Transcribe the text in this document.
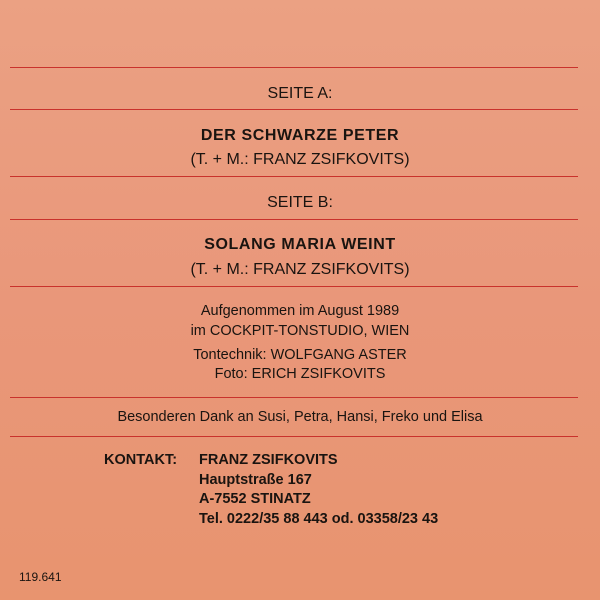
SEITE A:
DER SCHWARZE PETER
(T. + M.: FRANZ ZSIFKOVITS)
SEITE B:
SOLANG MARIA WEINT
(T. + M.: FRANZ ZSIFKOVITS)
Aufgenommen im August 1989
im COCKPIT-TONSTUDIO, WIEN
Tontechnik: WOLFGANG ASTER
Foto: ERICH ZSIFKOVITS
Besonderen Dank an Susi, Petra, Hansi, Freko und Elisa
KONTAKT: FRANZ ZSIFKOVITS
Hauptstraße 167
A-7552 STINATZ
Tel. 0222/35 88 443 od. 03358/23 43
119.641
